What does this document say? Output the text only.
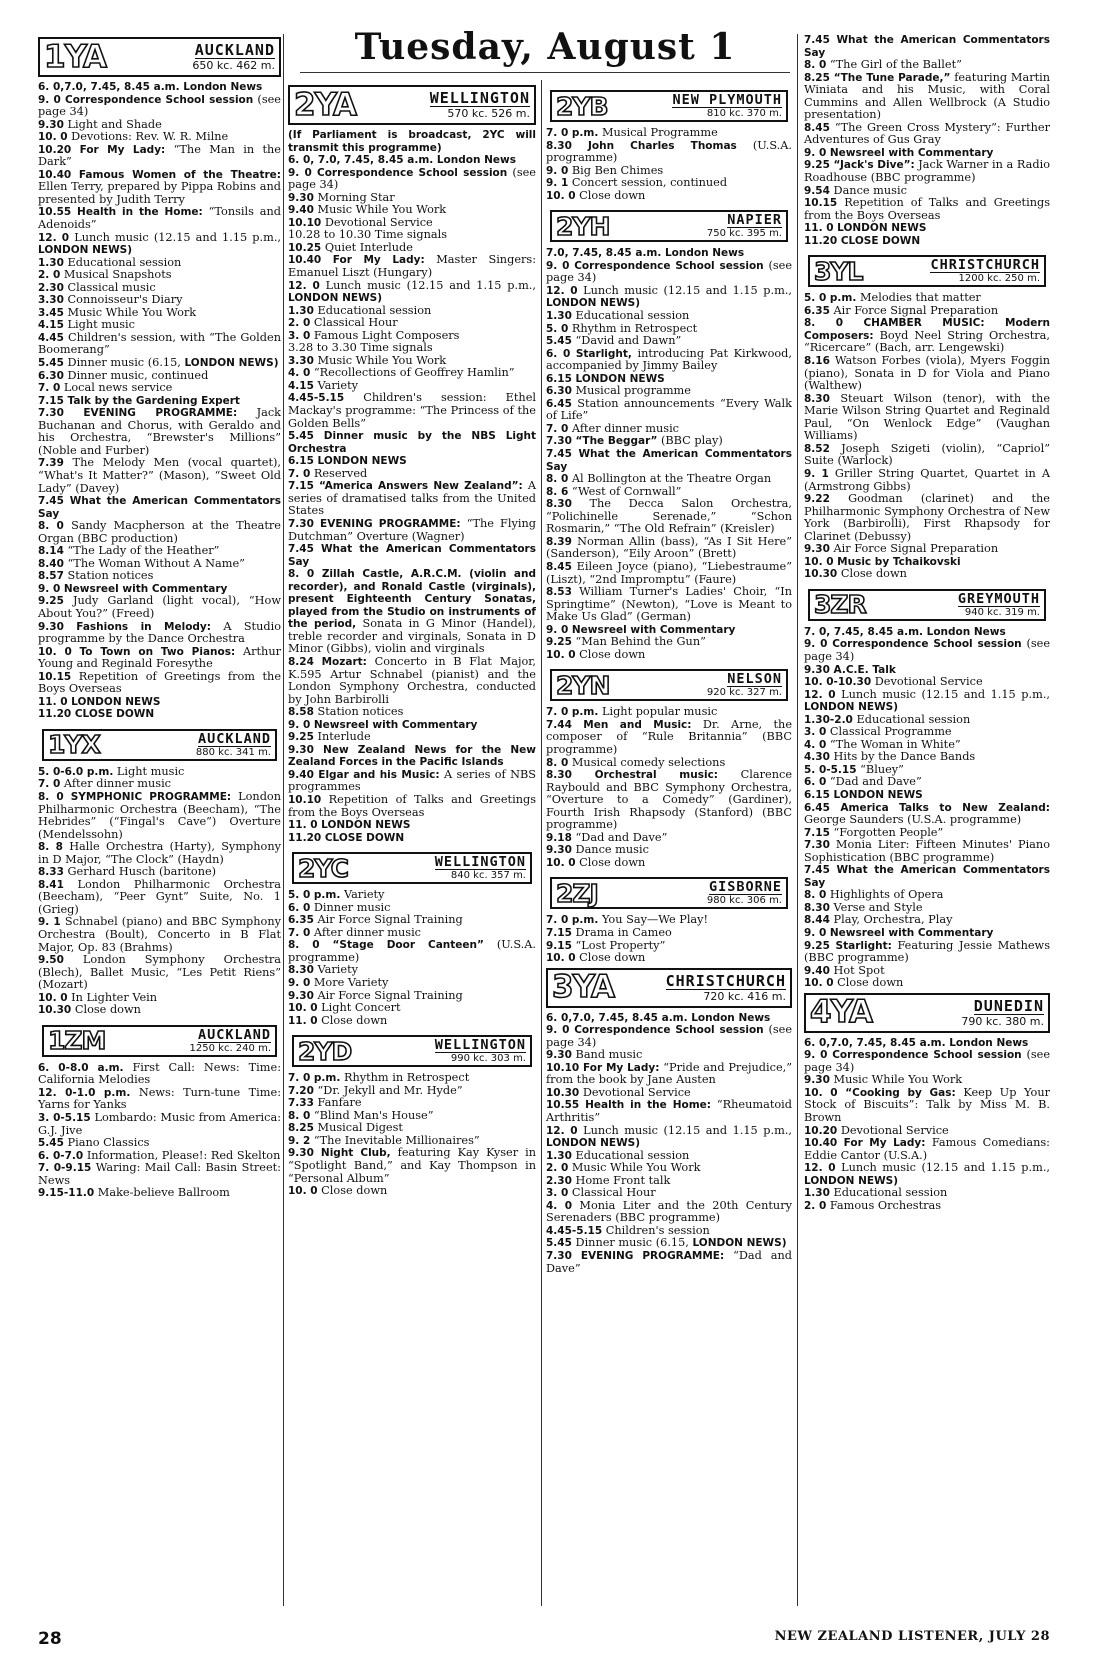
Tuesday, August 1
1YA	AUCKLAND
650 kc. 462 m.

6. 0,7.0, 7.45, 8.45 a.m. London News

9. 0 Correspondence School session (see page 34)

9.30 Light and Shade

10. 0 Devotions: Rev. W. R. Milne

10.20 For My Lady: “The Man in the Dark”

10.40 Famous Women of the Theatre: Ellen Terry, prepared by Pippa Robins and presented by Judith Terry

10.55 Health in the Home: “Tonsils and Adenoids”

12. 0 Lunch music (12.15 and 1.15 p.m., LONDON NEWS)

1.30 Educational session

2. 0 Musical Snapshots

2.30 Classical music

3.30 Connoisseur's Diary

3.45 Music While You Work

4.15 Light music

4.45 Children's session, with “The Golden Boomerang”

5.45 Dinner music (6.15, LONDON NEWS)

6.30 Dinner music, continued

7. 0 Local news service

7.15 Talk by the Gardening Expert

7.30 EVENING PROGRAMME: Jack Buchanan and Chorus, with Geraldo and his Orchestra, “Brewster's Millions” (Noble and Furber)

7.39 The Melody Men (vocal quartet), “What's It Matter?” (Mason), “Sweet Old Lady” (Davey)

7.45 What the American Commentators Say

8. 0 Sandy Macpherson at the Theatre Organ (BBC production)

8.14 “The Lady of the Heather”

8.40 “The Woman Without A Name”

8.57 Station notices

9. 0 Newsreel with Commentary

9.25 Judy Garland (light vocal), “How About You?” (Freed)

9.30 Fashions in Melody: A Studio programme by the Dance Orchestra

10. 0 To Town on Two Pianos: Arthur Young and Reginald Foresythe

10.15 Repetition of Greetings from the Boys Overseas

11. 0 LONDON NEWS

11.20 CLOSE DOWN

1YX	AUCKLAND
880 kc. 341 m.

5. 0-6.0 p.m. Light music

7. 0 After dinner music

8. 0 SYMPHONIC PROGRAMME: London Philharmonic Orchestra (Beecham), “The Hebrides” (“Fingal's Cave”) Overture (Mendelssohn)

8. 8 Halle Orchestra (Harty), Symphony in D Major, “The Clock” (Haydn)

8.33 Gerhard Husch (baritone)

8.41 London Philharmonic Orchestra (Beecham), “Peer Gynt” Suite, No. 1 (Grieg)

9. 1 Schnabel (piano) and BBC Symphony Orchestra (Boult), Concerto in B Flat Major, Op. 83 (Brahms)

9.50 London Symphony Orchestra (Blech), Ballet Music, “Les Petit Riens” (Mozart)

10. 0 In Lighter Vein

10.30 Close down

1ZM	AUCKLAND
1250 kc. 240 m.

6. 0-8.0 a.m. First Call: News: Time: California Melodies

12. 0-1.0 p.m. News: Turn-tune Time: Yarns for Yanks

3. 0-5.15 Lombardo: Music from America: G.J. Jive

5.45 Piano Classics

6. 0-7.0 Information, Please!: Red Skelton

7. 0-9.15 Waring: Mail Call: Basin Street: News

9.15-11.0 Make-believe Ballroom

2YA	WELLINGTON
570 kc. 526 m.

(If Parliament is broadcast, 2YC will transmit this programme)

6. 0, 7.0, 7.45, 8.45 a.m. London News

9. 0 Correspondence School session (see page 34)

9.30 Morning Star

9.40 Music While You Work

10.10 Devotional Service

10.28 to 10.30 Time signals

10.25 Quiet Interlude

10.40 For My Lady: Master Singers: Emanuel Liszt (Hungary)

12. 0 Lunch music (12.15 and 1.15 p.m., LONDON NEWS)

1.30 Educational session

2. 0 Classical Hour

3. 0 Famous Light Composers

3.28 to 3.30 Time signals

3.30 Music While You Work

4. 0 “Recollections of Geoffrey Hamlin”

4.15 Variety

4.45-5.15 Children's session: Ethel Mackay's programme: “The Princess of the Golden Bells”

5.45 Dinner music by the NBS Light Orchestra

6.15 LONDON NEWS

7. 0 Reserved

7.15 “America Answers New Zealand”: A series of dramatised talks from the United States

7.30 EVENING PROGRAMME: “The Flying Dutchman” Overture (Wagner)

7.45 What the American Commentators Say

8. 0 Zillah Castle, A.R.C.M. (violin and recorder), and Ronald Castle (virginals), present Eighteenth Century Sonatas, played from the Studio on instruments of the period, Sonata in G Minor (Handel), treble recorder and virginals, Sonata in D Minor (Gibbs), violin and virginals

8.24 Mozart: Concerto in B Flat Major, K.595 Artur Schnabel (pianist) and the London Symphony Orchestra, conducted by John Barbirolli

8.58 Station notices

9. 0 Newsreel with Commentary

9.25 Interlude

9.30 New Zealand News for the New Zealand Forces in the Pacific Islands

9.40 Elgar and his Music: A series of NBS programmes

10.10 Repetition of Talks and Greetings from the Boys Overseas

11. 0 LONDON NEWS

11.20 CLOSE DOWN

2YC	WELLINGTON
840 kc. 357 m.

5. 0 p.m. Variety

6. 0 Dinner music

6.35 Air Force Signal Training

7. 0 After dinner music

8. 0 “Stage Door Canteen” (U.S.A. programme)

8.30 Variety

9. 0 More Variety

9.30 Air Force Signal Training

10. 0 Light Concert

11. 0 Close down

2YD	WELLINGTON
990 kc. 303 m.

7. 0 p.m. Rhythm in Retrospect

7.20 “Dr. Jekyll and Mr. Hyde”

7.33 Fanfare

8. 0 “Blind Man's House”

8.25 Musical Digest

9. 2 “The Inevitable Millionaires”

9.30 Night Club, featuring Kay Kyser in “Spotlight Band,” and Kay Thompson in “Personal Album”

10. 0 Close down

2YB	NEW PLYMOUTH
810 kc. 370 m.

7. 0 p.m. Musical Programme

8.30 John Charles Thomas (U.S.A. programme)

9. 0 Big Ben Chimes

9. 1 Concert session, continued

10. 0 Close down

2YH	NAPIER
750 kc. 395 m.

7.0, 7.45, 8.45 a.m. London News

9. 0 Correspondence School session (see page 34)

12. 0 Lunch music (12.15 and 1.15 p.m., LONDON NEWS)

1.30 Educational session

5. 0 Rhythm in Retrospect

5.45 “David and Dawn”

6. 0 Starlight, introducing Pat Kirkwood, accompanied by Jimmy Bailey

6.15 LONDON NEWS

6.30 Musical programme

6.45 Station announcements “Every Walk of Life”

7. 0 After dinner music

7.30 “The Beggar” (BBC play)

7.45 What the American Commentators Say

8. 0 Al Bollington at the Theatre Organ

8. 6 “West of Cornwall”

8.30 The Decca Salon Orchestra, “Polichinelle Serenade,” “Schon Rosmarin,” “The Old Refrain” (Kreisler)

8.39 Norman Allin (bass), “As I Sit Here” (Sanderson), “Eily Aroon” (Brett)

8.45 Eileen Joyce (piano), “Liebestraume” (Liszt), “2nd Impromptu” (Faure)

8.53 William Turner's Ladies' Choir, “In Springtime” (Newton), “Love is Meant to Make Us Glad” (German)

9. 0 Newsreel with Commentary

9.25 “Man Behind the Gun”

10. 0 Close down

2YN	NELSON
920 kc. 327 m.

7. 0 p.m. Light popular music

7.44 Men and Music: Dr. Arne, the composer of “Rule Britannia” (BBC programme)

8. 0 Musical comedy selections

8.30 Orchestral music: Clarence Raybould and BBC Symphony Orchestra, “Overture to a Comedy” (Gardiner), Fourth Irish Rhapsody (Stanford) (BBC programme)

9.18 “Dad and Dave”

9.30 Dance music

10. 0 Close down

2ZJ	GISBORNE
980 kc. 306 m.

7. 0 p.m. You Say—We Play!

7.15 Drama in Cameo

9.15 “Lost Property”

10. 0 Close down

3YA	CHRISTCHURCH
720 kc. 416 m.

6. 0,7.0, 7.45, 8.45 a.m. London News

9. 0 Correspondence School session (see page 34)

9.30 Band music

10.10 For My Lady: “Pride and Prejudice,” from the book by Jane Austen

10.30 Devotional Service

10.55 Health in the Home: “Rheumatoid Arthritis”

12. 0 Lunch music (12.15 and 1.15 p.m., LONDON NEWS)

1.30 Educational session

2. 0 Music While You Work

2.30 Home Front talk

3. 0 Classical Hour

4. 0 Monia Liter and the 20th Century Serenaders (BBC programme)

4.45-5.15 Children's session

5.45 Dinner music (6.15, LONDON NEWS)

7.30 EVENING PROGRAMME: “Dad and Dave”

7.45 What the American Commentators Say

8. 0 “The Girl of the Ballet”

8.25 “The Tune Parade,” featuring Martin Winiata and his Music, with Coral Cummins and Allen Wellbrock (A Studio presentation)

8.45 “The Green Cross Mystery”: Further Adventures of Gus Gray

9. 0 Newsreel with Commentary

9.25 “Jack's Dive”: Jack Warner in a Radio Roadhouse (BBC programme)

9.54 Dance music

10.15 Repetition of Talks and Greetings from the Boys Overseas

11. 0 LONDON NEWS

11.20 CLOSE DOWN

3YL	CHRISTCHURCH
1200 kc. 250 m.

5. 0 p.m. Melodies that matter

6.35 Air Force Signal Preparation

8. 0 CHAMBER MUSIC: Modern Composers: Boyd Neel String Orchestra, “Ricercare” (Bach, arr. Lengewski)

8.16 Watson Forbes (viola), Myers Foggin (piano), Sonata in D for Viola and Piano (Walthew)

8.30 Steuart Wilson (tenor), with the Marie Wilson String Quartet and Reginald Paul, “On Wenlock Edge” (Vaughan Williams)

8.52 Joseph Szigeti (violin), “Capriol” Suite (Warlock)

9. 1 Griller String Quartet, Quartet in A (Armstrong Gibbs)

9.22 Goodman (clarinet) and the Philharmonic Symphony Orchestra of New York (Barbirolli), First Rhapsody for Clarinet (Debussy)

9.30 Air Force Signal Preparation

10. 0 Music by Tchaikovski

10.30 Close down

3ZR	GREYMOUTH
940 kc. 319 m.

7. 0, 7.45, 8.45 a.m. London News

9. 0 Correspondence School session (see page 34)

9.30 A.C.E. Talk

10. 0-10.30 Devotional Service

12. 0 Lunch music (12.15 and 1.15 p.m., LONDON NEWS)

1.30-2.0 Educational session

3. 0 Classical Programme

4. 0 “The Woman in White”

4.30 Hits by the Dance Bands

5. 0-5.15 “Bluey”

6. 0 “Dad and Dave”

6.15 LONDON NEWS

6.45 America Talks to New Zealand: George Saunders (U.S.A. programme)

7.15 “Forgotten People”

7.30 Monia Liter: Fifteen Minutes' Piano Sophistication (BBC programme)

7.45 What the American Commentators Say

8. 0 Highlights of Opera

8.30 Verse and Style

8.44 Play, Orchestra, Play

9. 0 Newsreel with Commentary

9.25 Starlight: Featuring Jessie Mathews (BBC programme)

9.40 Hot Spot

10. 0 Close down

4YA	DUNEDIN
790 kc. 380 m.

6. 0,7.0, 7.45, 8.45 a.m. London News

9. 0 Correspondence School session (see page 34)

9.30 Music While You Work

10. 0 “Cooking by Gas: Keep Up Your Stock of Biscuits”: Talk by Miss M. B. Brown

10.20 Devotional Service

10.40 For My Lady: Famous Comedians: Eddie Cantor (U.S.A.)

12. 0 Lunch music (12.15 and 1.15 p.m., LONDON NEWS)

1.30 Educational session

2. 0 Famous Orchestras

28	NEW ZEALAND LISTENER, JULY 28
